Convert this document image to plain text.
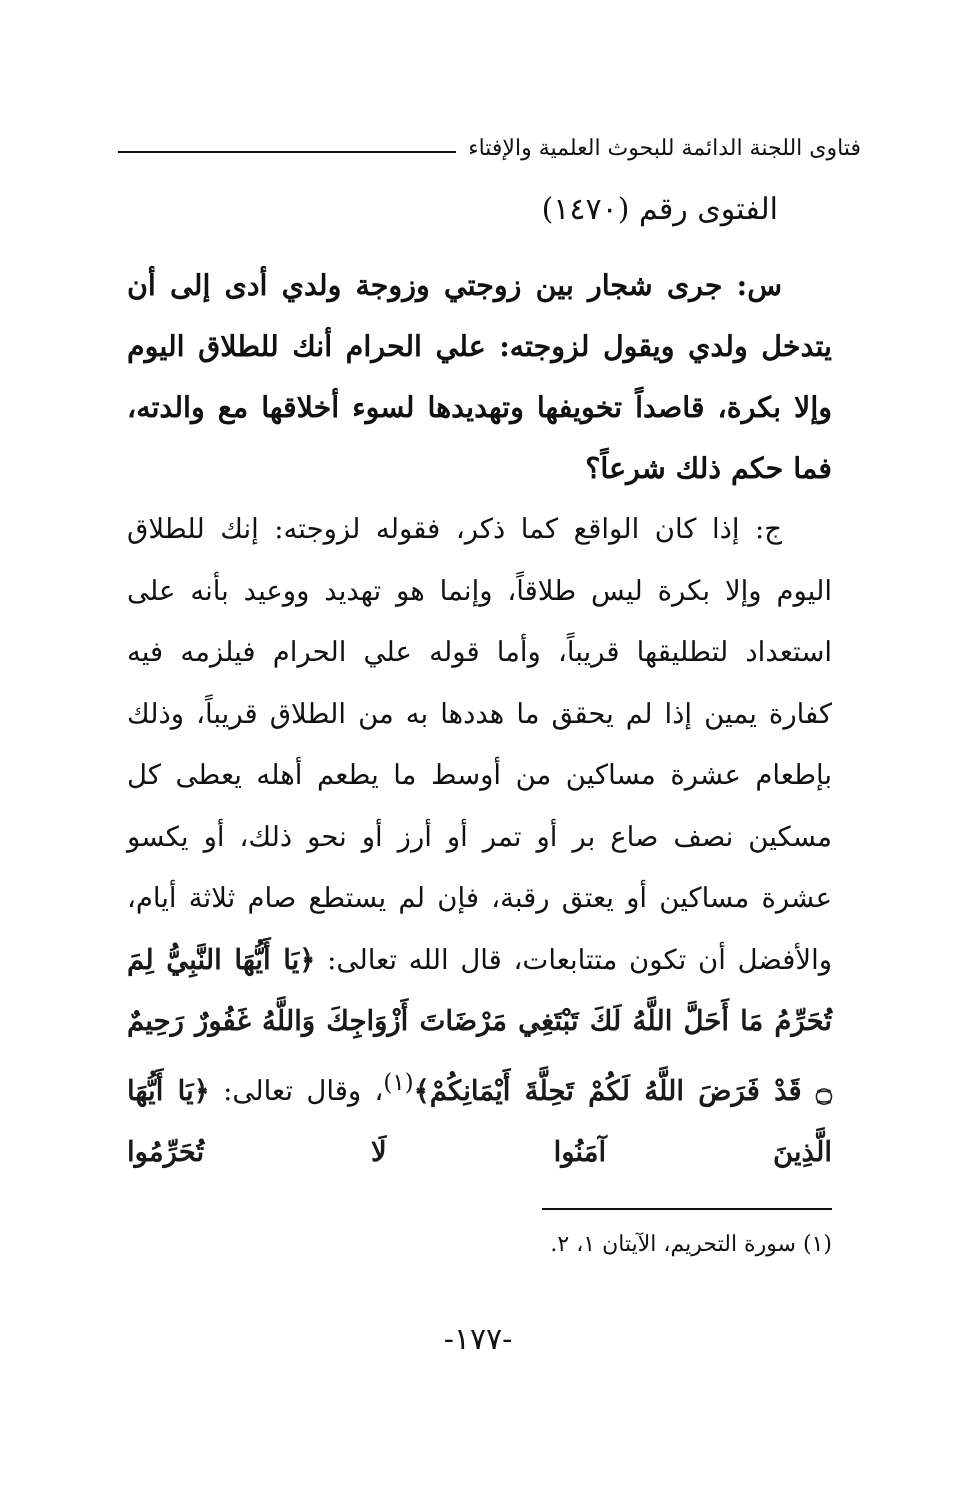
فتاوى اللجنة الدائمة للبحوث العلمية والإفتاء
الفتوى رقم (١٤٧٠)

س: جرى شجار بين زوجتي وزوجة ولدي أدى إلى أن يتدخل ولدي ويقول لزوجته: علي الحرام أنك للطلاق اليوم وإلا بكرة، قاصداً تخويفها وتهديدها لسوء أخلاقها مع والدته، فما حكم ذلك شرعاً؟

ج: إذا كان الواقع كما ذكر، فقوله لزوجته: إنك للطلاق اليوم وإلا بكرة ليس طلاقاً، وإنما هو تهديد ووعيد بأنه على استعداد لتطليقها قريباً، وأما قوله علي الحرام فيلزمه فيه كفارة يمين إذا لم يحقق ما هددها به من الطلاق قريباً، وذلك بإطعام عشرة مساكين من أوسط ما يطعم أهله يعطى كل مسكين نصف صاع بر أو تمر أو أرز أو نحو ذلك، أو يكسو عشرة مساكين أو يعتق رقبة، فإن لم يستطع صام ثلاثة أيام، والأفضل أن تكون متتابعات، قال الله تعالى: ﴿يَا أَيُّهَا النَّبِيُّ لِمَ تُحَرِّمُ مَا أَحَلَّ اللَّهُ لَكَ تَبْتَغِي مَرْضَاتَ أَزْوَاجِكَ وَاللَّهُ غَفُورٌ رَحِيمٌ ۝ قَدْ فَرَضَ اللَّهُ لَكُمْ تَحِلَّةَ أَيْمَانِكُمْ﴾$^{(١)}$، وقال تعالى: ﴿يَا أَيُّهَا الَّذِينَ آمَنُوا لَا تُحَرِّمُوا

(١) سورة التحريم، الآيتان ١، ٢.
-١٧٧-
